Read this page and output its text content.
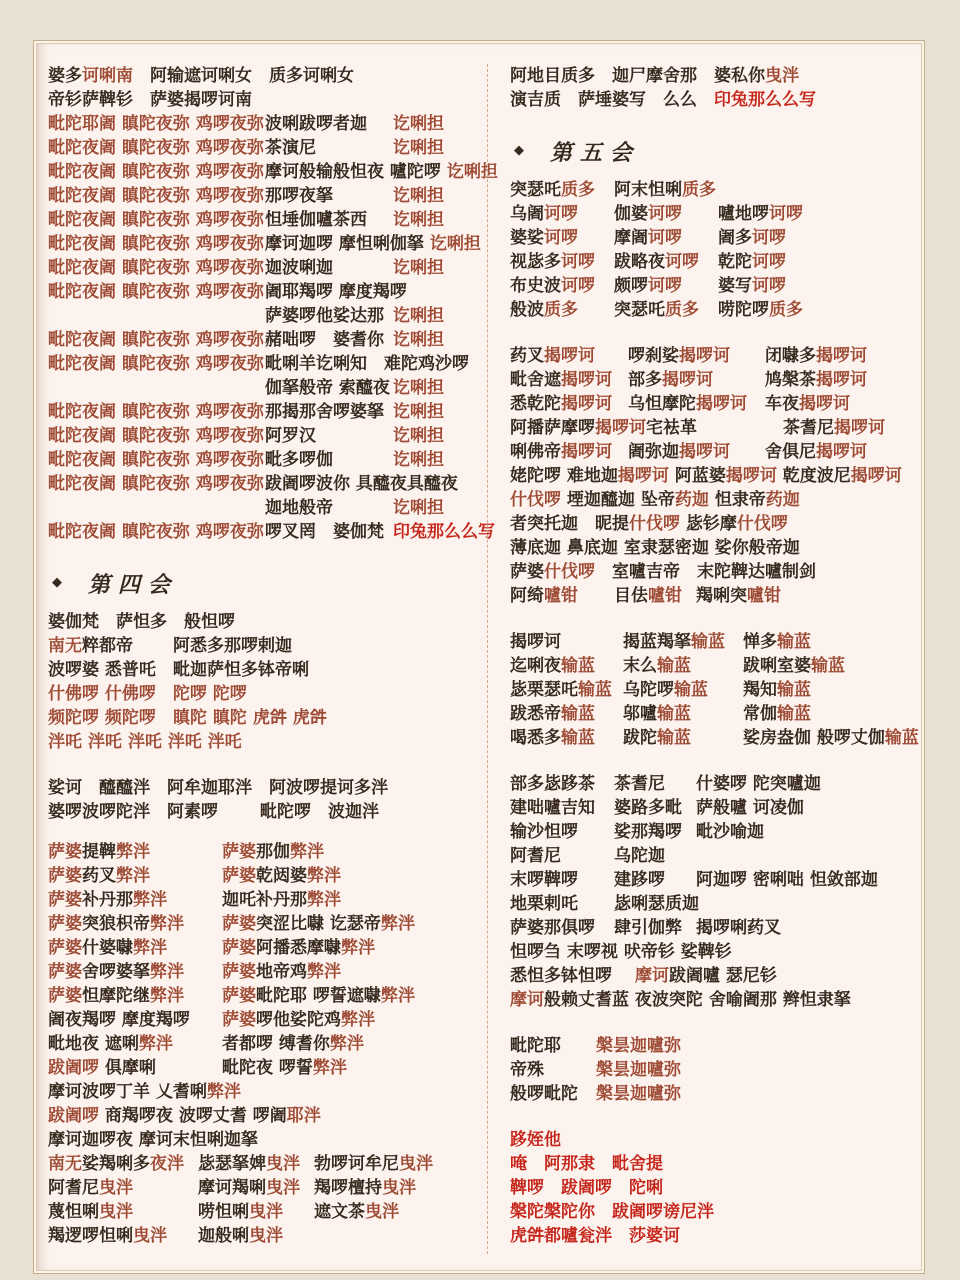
婆多诃唎南　阿输遮诃唎女　质多诃唎女
帝钐萨鞞钐　萨婆揭啰诃南
毗陀耶阇 瞋陀夜弥 鸡啰夜弥 波唎跋啰者迦	讫唎担
毗陀夜阇 瞋陀夜弥 鸡啰夜弥 茶演尼	讫唎担
毗陀夜阇 瞋陀夜弥 鸡啰夜弥 摩诃般输般怛夜 嚧陀啰 讫唎担
毗陀夜阇 瞋陀夜弥 鸡啰夜弥 那啰夜拏	讫唎担
毗陀夜阇 瞋陀夜弥 鸡啰夜弥 怛埵伽嚧茶西	讫唎担
毗陀夜阇 瞋陀夜弥 鸡啰夜弥 摩诃迦啰 摩怛唎伽拏 讫唎担
毗陀夜阇 瞋陀夜弥 鸡啰夜弥 迦波唎迦	讫唎担
毗陀夜阇 瞋陀夜弥 鸡啰夜弥 阇耶羯啰 摩度羯啰
萨婆啰他娑达那 讫唎担
毗陀夜阇 瞋陀夜弥 鸡啰夜弥 赭咄啰　婆耆你 讫唎担
毗陀夜阇 瞋陀夜弥 鸡啰夜弥 毗唎羊讫唎知　难陀鸡沙啰
伽拏般帝 索醯夜 讫唎担
毗陀夜阇 瞋陀夜弥 鸡啰夜弥 那揭那舍啰婆拏 讫唎担
毗陀夜阇 瞋陀夜弥 鸡啰夜弥 阿罗汉	讫唎担
毗陀夜阇 瞋陀夜弥 鸡啰夜弥 毗多啰伽	讫唎担
毗陀夜阇 瞋陀夜弥 鸡啰夜弥 跋阇啰波你 具醯夜具醯夜
迦地般帝	讫唎担
毗陀夜阇 瞋陀夜弥 鸡啰夜弥 啰叉罔　婆伽梵 印兔那么么写
◆ 第四会
婆伽梵　萨怛多　般怛啰
南无粹都帝	阿悉多那啰剌迦
波啰婆 悉普吒	毗迦萨怛多钵帝唎
什佛啰 什佛啰	陀啰 陀啰
频陀啰 频陀啰	瞋陀 瞋陀 虎𤙖 虎𤙖
泮吒 泮吒 泮吒 泮吒 泮吒
娑诃　醯醯泮　阿牟迦耶泮　阿波啰提诃多泮
婆啰波啰陀泮　阿素啰	毗陀啰　波迦泮
萨婆提鞞弊泮	萨婆那伽弊泮
萨婆药叉弊泮	萨婆乾闼婆弊泮
萨婆补丹那弊泮	迦吒补丹那弊泮
萨婆突狼枳帝弊泮	萨婆突涩比㘑 讫瑟帝弊泮
萨婆什婆㘑弊泮	萨婆阿播悉摩㘑弊泮
萨婆舍啰婆拏弊泮	萨婆地帝鸡弊泮
萨婆怛摩陀继弊泮	萨婆毗陀耶 啰誓遮㘑弊泮
阇夜羯啰 摩度羯啰	萨婆啰他娑陀鸡弊泮
毗地夜 遮唎弊泮	者都啰 缚耆你弊泮
跋阇啰 俱摩唎	毗陀夜 啰誓弊泮
摩诃波啰丁羊 乂耆唎弊泮
跋阇啰 商羯啰夜 波啰丈耆 啰阇耶泮
摩诃迦啰夜 摩诃末怛唎迦拏
南无娑羯唎多夜泮 毖瑟拏婢曳泮 勃啰诃牟尼曳泮
阿耆尼曳泮	摩诃羯唎曳泮 羯啰檀持曳泮
蔑怛唎曳泮	唠怛唎曳泮	遮文茶曳泮
羯逻啰怛唎曳泮	迦般唎曳泮
阿地目质多　迦尸摩舍那　婆私你曳泮
演吉质　萨埵婆写　么么　印兔那么么写
◆ 第五会
突瑟吒质多	阿末怛唎质多
乌阇诃啰	伽婆诃啰	嚧地啰诃啰
婆娑诃啰	摩阇诃啰	阇多诃啰
视毖多诃啰	跋略夜诃啰	乾陀诃啰
布史波诃啰	颇啰诃啰	婆写诃啰
般波质多	突瑟吒质多	唠陀啰质多
药叉揭啰诃	啰刹娑揭啰诃	闭㘑多揭啰诃
毗舍遮揭啰诃 部多揭啰诃	鸠槃茶揭啰诃
悉乾陀揭啰诃 乌怛摩陀揭啰诃	车夜揭啰诃
阿播萨摩啰揭啰诃 宅袪革	茶耆尼揭啰诃
唎佛帝揭啰诃 阇弥迦揭啰诃	舍俱尼揭啰诃
姥陀啰 难地迦揭啰诃 阿蓝婆揭啰诃 乾度波尼揭啰诃
什伐啰 堙迦醯迦 坠帝药迦 怛隶帝药迦
者突托迦　昵提什伐啰 毖钐摩什伐啰
薄底迦 鼻底迦 室隶瑟密迦 娑你般帝迦
萨婆什伐啰　室嚧吉帝　末陀鞞达嚧制剑
阿绮嚧钳	目佉嚧钳 羯唎突嚧钳
揭啰诃	揭蓝羯拏输蓝	惮多输蓝
迄唎夜输蓝	末么输蓝	跋唎室婆输蓝
毖栗瑟吒输蓝 乌陀啰输蓝	羯知输蓝
跋悉帝输蓝	邬嚧输蓝	常伽输蓝
喝悉多输蓝	跋陀输蓝	娑房盎伽 般啰丈伽输蓝
部多毖跢茶	茶耆尼	什婆啰 陀突嚧迦
建咄嚧吉知	婆路多毗 萨般嚧 诃凌伽
输沙怛啰	娑那羯啰 毗沙喻迦
阿耆尼	乌陀迦
末啰鞞啰	建跢啰	阿迦啰 密唎咄 怛敛部迦
地栗剌吒	毖唎瑟质迦
萨婆那俱啰	肆引伽弊 揭啰唎药叉
怛啰刍 末啰视 吠帝钐 娑鞞钐
悉怛多钵怛啰	摩诃跋阇嚧 瑟尼钐
摩诃般赖丈耆蓝 夜波突陀 舍喻阇那 辫怛隶拏
毗陀耶	槃昙迦嚧弥
帝殊	槃昙迦嚧弥
般啰毗陀	槃昙迦嚧弥
跢姪他
唵　阿那隶　毗舍提
鞞啰　跋阇啰　陀唎
槃陀槃陀你　跋阇啰谤尼泮
虎𤙖都嚧瓮泮　莎婆诃
